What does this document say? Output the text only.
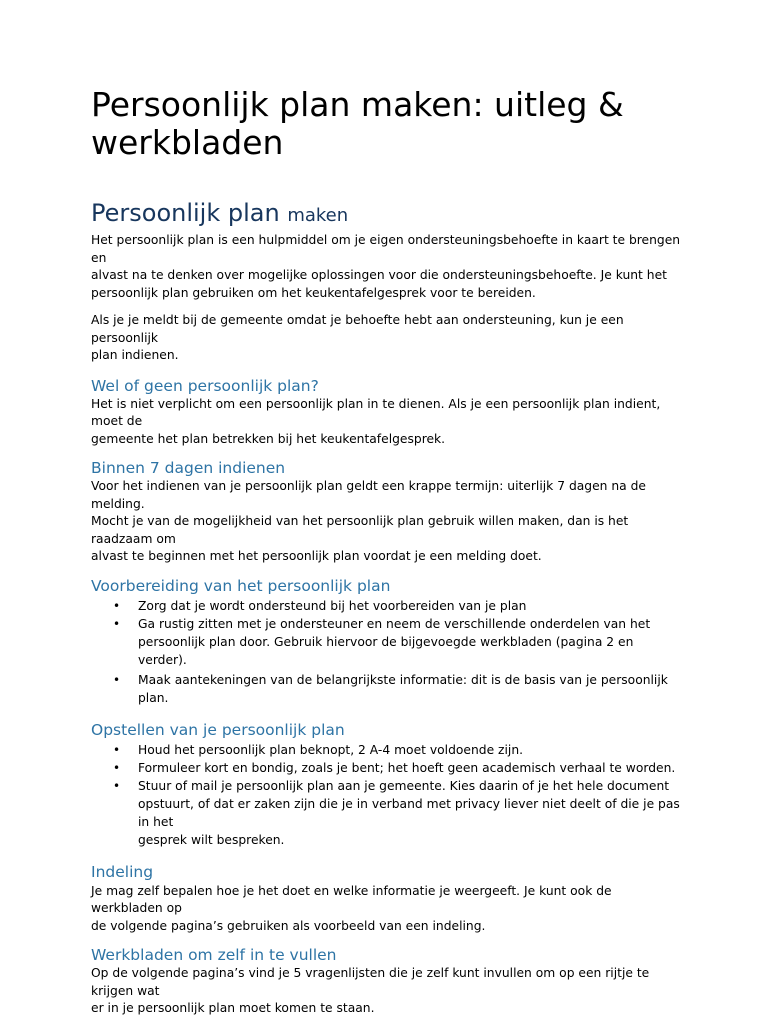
Persoonlijk plan maken: uitleg &
werkbladen
Persoonlijk plan maken

Het persoonlijk plan is een hulpmiddel om je eigen ondersteuningsbehoefte in kaart te brengen en
alvast na te denken over mogelijke oplossingen voor die ondersteuningsbehoefte. Je kunt het
persoonlijk plan gebruiken om het keukentafelgesprek voor te bereiden.

Als je je meldt bij de gemeente omdat je behoefte hebt aan ondersteuning, kun je een persoonlijk
plan indienen.

Wel of geen persoonlijk plan?

Het is niet verplicht om een persoonlijk plan in te dienen. Als je een persoonlijk plan indient, moet de
gemeente het plan betrekken bij het keukentafelgesprek.

Binnen 7 dagen indienen

Voor het indienen van je persoonlijk plan geldt een krappe termijn: uiterlijk 7 dagen na de melding.
Mocht je van de mogelijkheid van het persoonlijk plan gebruik willen maken, dan is het raadzaam om
alvast te beginnen met het persoonlijk plan voordat je een melding doet.

Voorbereiding van het persoonlijk plan
• Zorg dat je wordt ondersteund bij het voorbereiden van je plan
• Ga rustig zitten met je ondersteuner en neem de verschillende onderdelen van het
persoonlijk plan door. Gebruik hiervoor de bijgevoegde werkbladen (pagina 2 en verder).
• Maak aantekeningen van de belangrijkste informatie: dit is de basis van je persoonlijk plan.
Opstellen van je persoonlijk plan
• Houd het persoonlijk plan beknopt, 2 A-4 moet voldoende zijn.
• Formuleer kort en bondig, zoals je bent; het hoeft geen academisch verhaal te worden.
• Stuur of mail je persoonlijk plan aan je gemeente. Kies daarin of je het hele document
opstuurt, of dat er zaken zijn die je in verband met privacy liever niet deelt of die je pas in het
gesprek wilt bespreken.
Indeling

Je mag zelf bepalen hoe je het doet en welke informatie je weergeeft. Je kunt ook de werkbladen op
de volgende pagina’s gebruiken als voorbeeld van een indeling.

Werkbladen om zelf in te vullen

Op de volgende pagina’s vind je 5 vragenlijsten die je zelf kunt invullen om op een rijtje te krijgen wat
er in je persoonlijk plan moet komen te staan.
